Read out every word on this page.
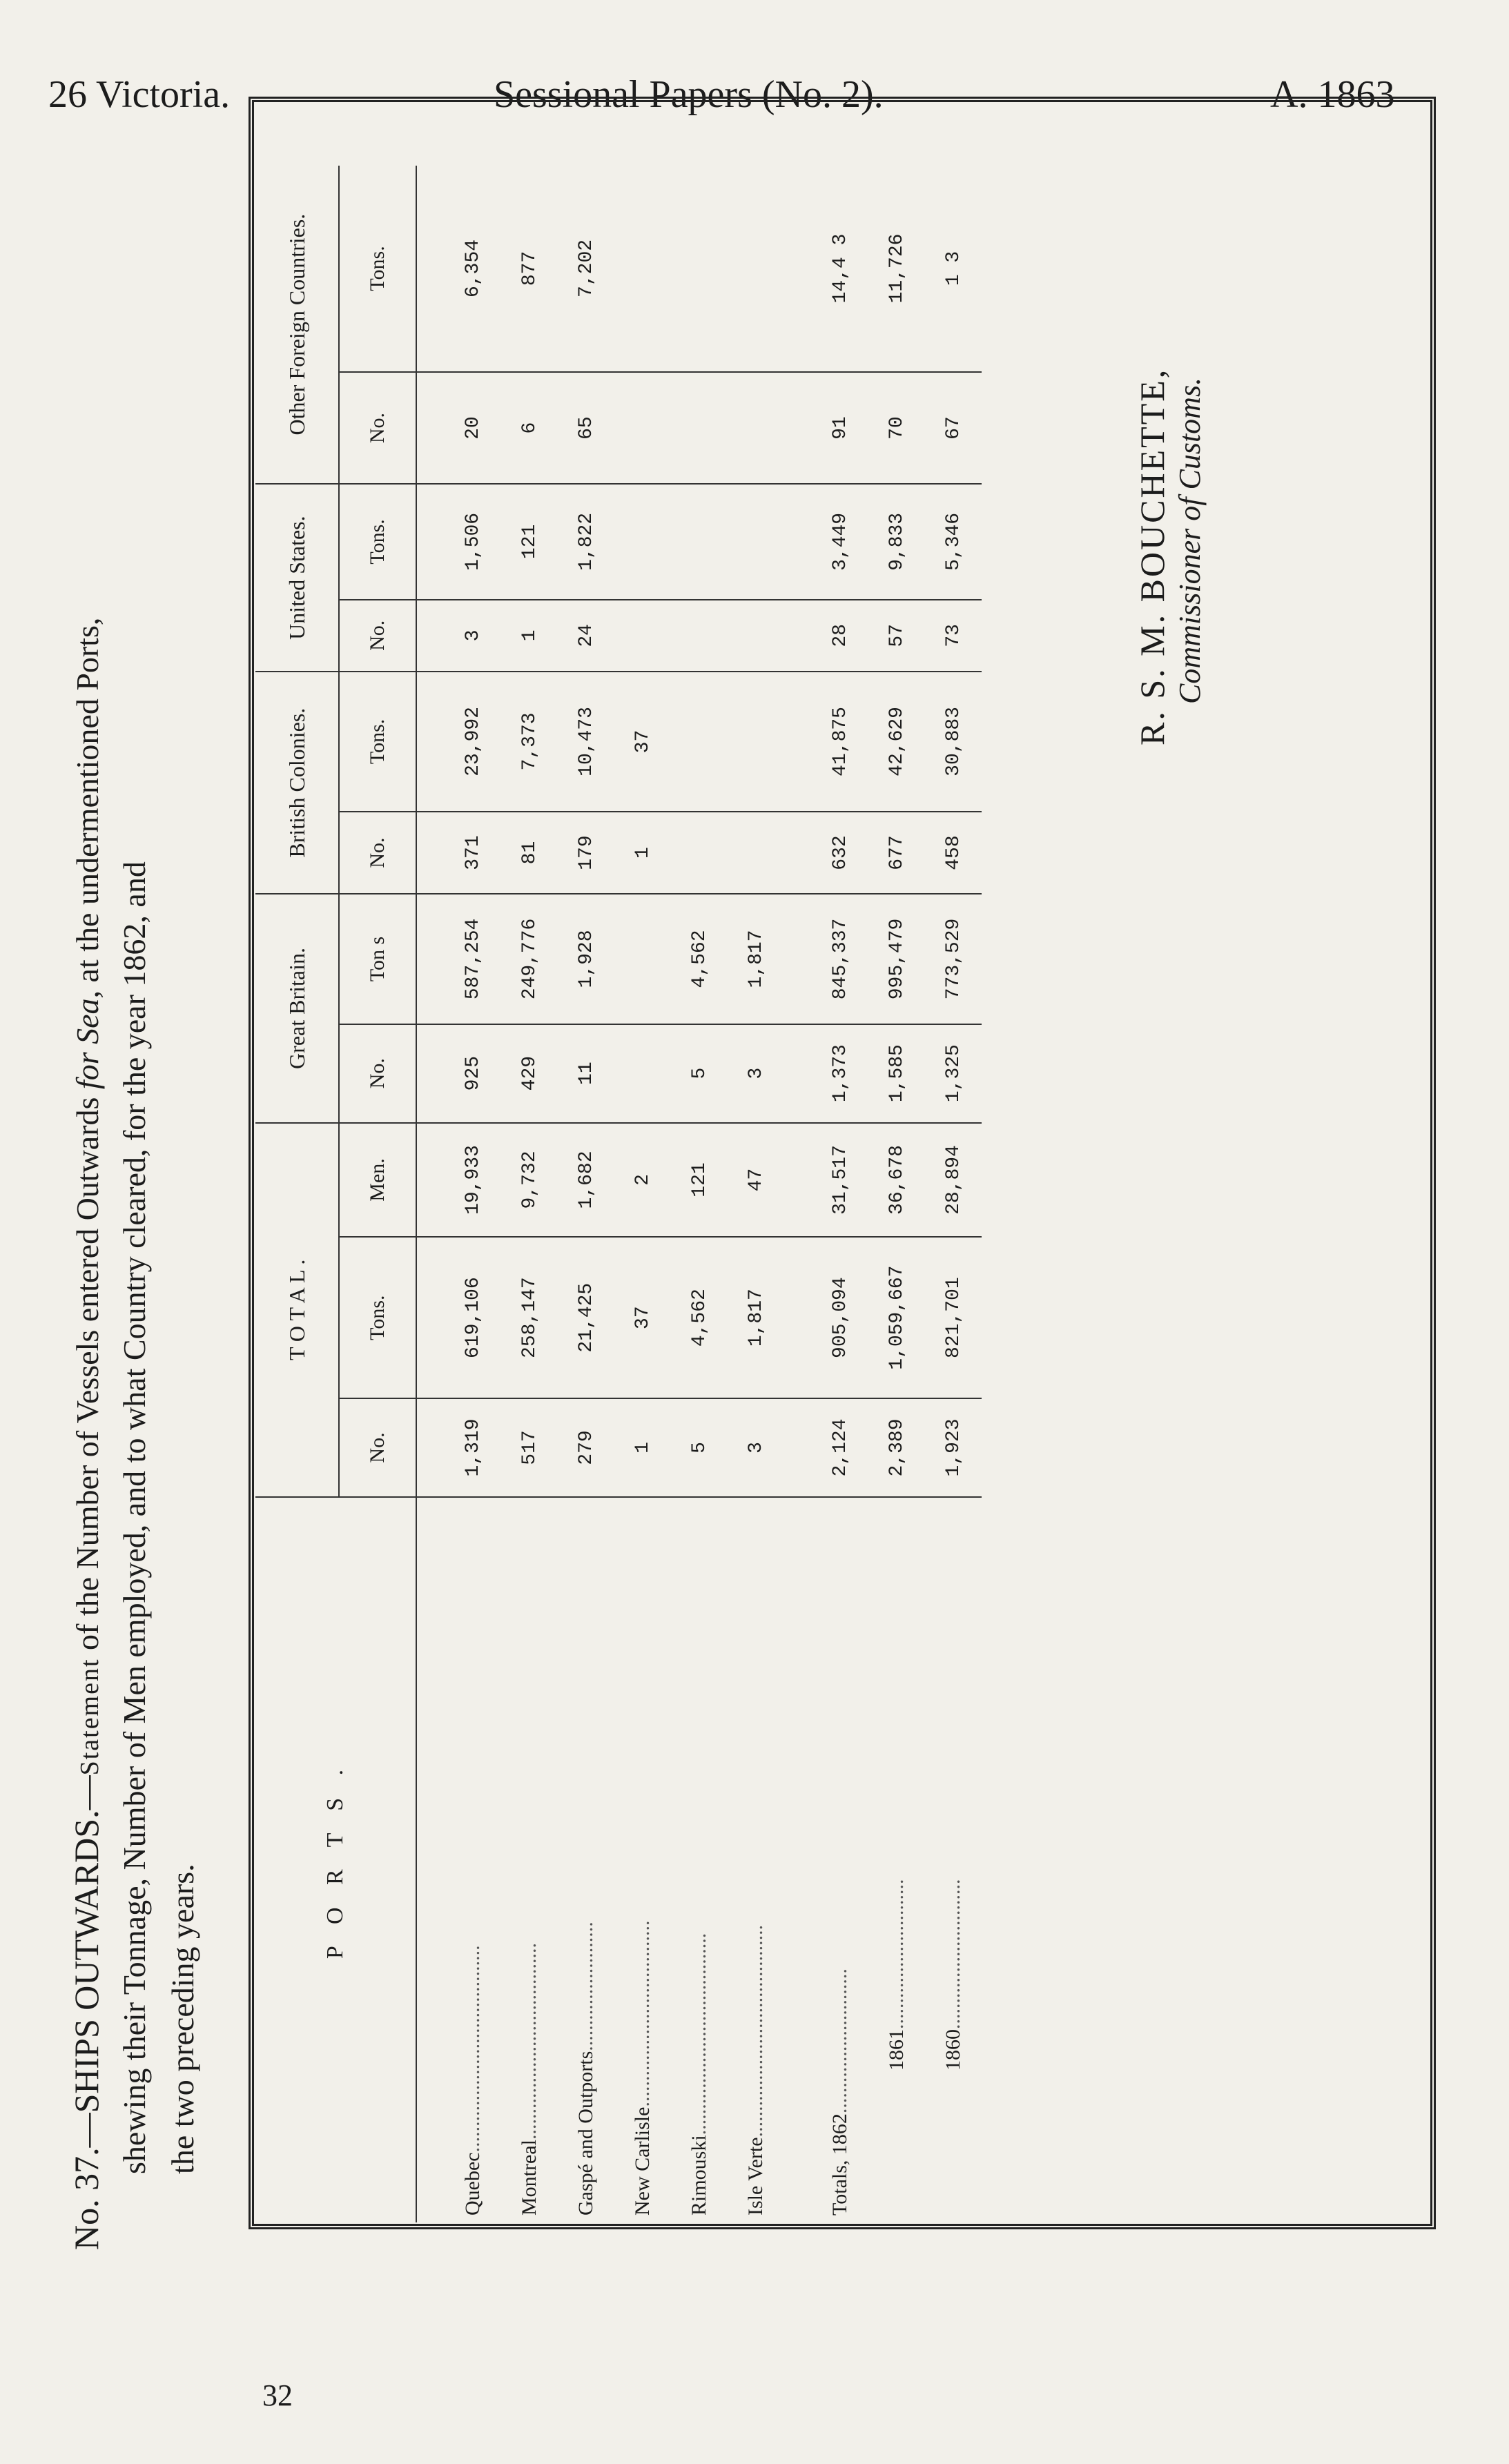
26 Victoria.	Sessional Papers (No. 2).	A. 1863
No. 37.—SHIPS OUTWARDS.—Statement of the Number of Vessels entered Outwards for Sea, at the undermentioned Ports,
shewing their Tonnage, Number of Men employed, and to what Country cleared, for the year 1862, and the two preceding years.
P O R T S .	T O T A L .			Great Britain.		British Colonies.		United States.		Other Foreign Countries.	
	No.	Tons.	Men.	No.	Ton s	No.	Tons.	No.	Tons.	No.	Tons.

Quebec........................................	1,319	619,106	19,933	925	587,254	371	23,992	3	1,506	20	6,354
Montreal......................................	517	258,147	9,732	429	249,776	81	7,373	1	121	6	877
Gaspé and Outports.........................	279	21,425	1,682	11	1,928	179	10,473	24	1,822	65	7,202
New Carlisle....................................	1	37	2			1	37				
Rimouski.......................................	5	4,562	121	5	4,562						
Isle Verte.........................................	3	1,817	47	3	1,817						

Totals, 1862............................	2,124	905,094	31,517	1,373	845,337	632	41,875	28	3,449	91	14,4 3
1861.............................	2,389	1,059,667	36,678	1,585	995,479	677	42,629	57	9,833	70	11,726
1860.............................	1,923	821,701	28,894	1,325	773,529	458	30,883	73	5,346	67	1 3
R. S. M. BOUCHETTE, Commissioner of Customs.
32
